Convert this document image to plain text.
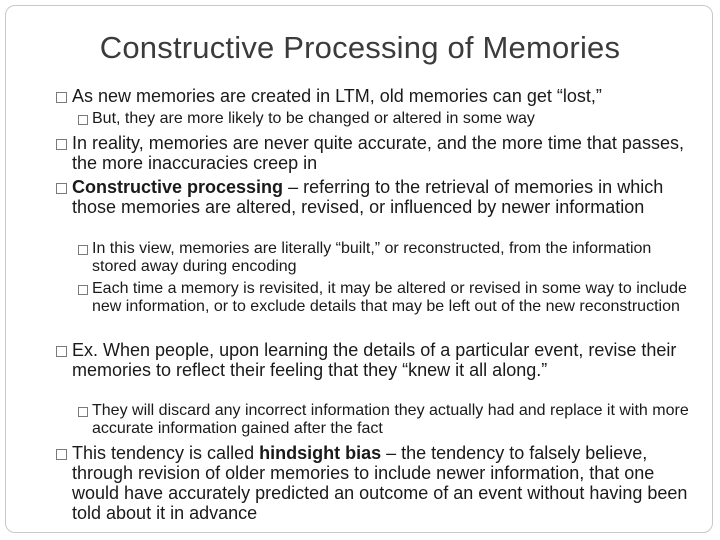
Constructive Processing of Memories

As new memories are created in LTM, old memories can get “lost,”

But, they are more likely to be changed or altered in some way

In reality, memories are never quite accurate, and the more time that passes, the more inaccuracies creep in

Constructive processing – referring to the retrieval of memories in which those memories are altered, revised, or influenced by newer information

In this view, memories are literally “built,” or reconstructed, from the information stored away during encoding

Each time a memory is revisited, it may be altered or revised in some way to include new information, or to exclude details that may be left out of the new reconstruction

Ex. When people, upon learning the details of a particular event, revise their memories to reflect their feeling that they “knew it all along.”

They will discard any incorrect information they actually had and replace it with more accurate information gained after the fact

This tendency is called hindsight bias – the tendency to falsely believe, through revision of older memories to include newer information, that one would have accurately predicted an outcome of an event without having been told about it in advance
